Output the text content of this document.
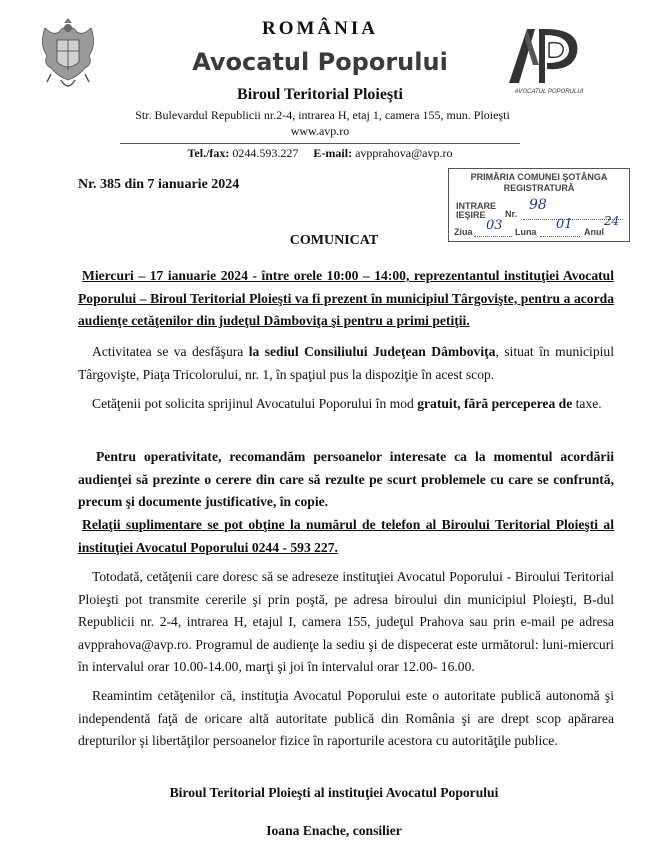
AVOCATUL POPORULUI
ROMÂNIA
Avocatul Poporului
Biroul Teritorial Ploieşti
Str. Bulevardul Republicii nr.2-4, intrarea H, etaj 1, camera 155, mun. Ploieşti
www.avp.ro
Tel./fax: 0244.593.227 E-mail: avpprahova@avp.ro
Nr. 385 din 7 ianuarie 2024	PRIMĂRIA COMUNEI ŞOTÂNGA
REGISTRATURĂ
INTRARE
IEŞIRE	Nr.
98
Ziua 03 Luna 01 Anul
24
COMUNICAT
Miercuri – 17 ianuarie 2024 - între orele 10:00 – 14:00, reprezentantul instituţiei Avocatul Poporului – Biroul Teritorial Ploieşti va fi prezent în municipiul Târgovişte, pentru a acorda audienţe cetăţenilor din judeţul Dâmboviţa şi pentru a primi petiţii.
Activitatea se va desfăşura la sediul Consiliului Judeţean Dâmboviţa, situat în municipiul Târgovişte, Piaţa Tricolorului, nr. 1, în spaţiul pus la dispoziţie în acest scop.
Cetăţenii pot solicita sprijinul Avocatului Poporului în mod gratuit, fără perceperea de taxe.
Pentru operativitate, recomandăm persoanelor interesate ca la momentul acordării audienţei să prezinte o cerere din care să rezulte pe scurt problemele cu care se confruntă, precum şi documente justificative, în copie.
Relaţii suplimentare se pot obţine la numărul de telefon al Biroului Teritorial Ploieşti al instituţiei Avocatul Poporului 0244 - 593 227.
Totodată, cetăţenii care doresc să se adreseze instituţiei Avocatul Poporului - Biroului Teritorial Ploieşti pot transmite cererile şi prin poştă, pe adresa biroului din municipiul Ploieşti, B-dul Republicii nr. 2-4, intrarea H, etajul I, camera 155, judeţul Prahova sau prin e-mail pe adresa avpprahova@avp.ro. Programul de audienţe la sediu şi de dispecerat este următorul: luni-miercuri în intervalul orar 10.00-14.00, marţi şi joi în intervalul orar 12.00- 16.00.
Reamintim cetăţenilor că, instituţia Avocatul Poporului este o autoritate publică autonomă şi independentă faţă de oricare altă autoritate publică din România şi are drept scop apărarea drepturilor şi libertăţilor persoanelor fizice în raporturile acestora cu autorităţile publice.
Biroul Teritorial Ploieşti al instituţiei Avocatul Poporului
Ioana Enache, consilier
